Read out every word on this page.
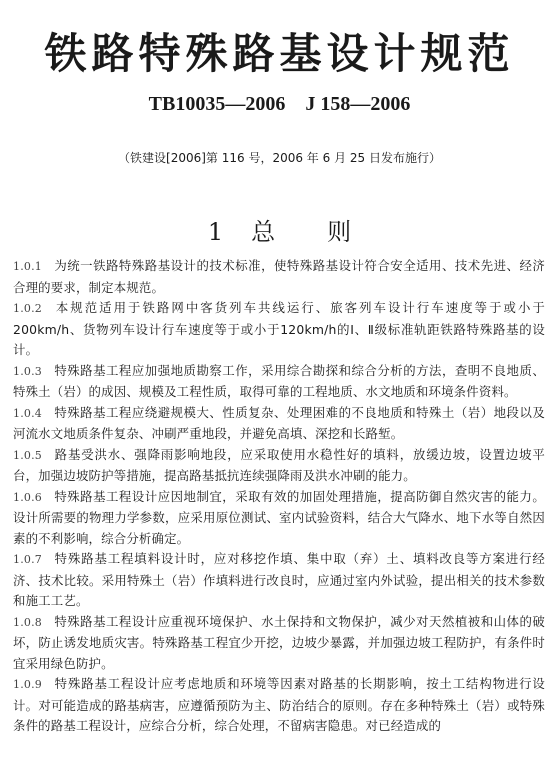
铁路特殊路基设计规范
TB10035—2006    J 158—2006
（铁建设[2006]第 116 号，2006 年 6 月 25 日发布施行）
1 总则
1.0.1 为统一铁路特殊路基设计的技术标准，使特殊路基设计符合安全适用、技术先进、经济合理的要求，制定本规范。
1.0.2 本规范适用于铁路网中客货列车共线运行、旅客列车设计行车速度等于或小于200km/h、货物列车设计行车速度等于或小于120km/h的Ⅰ、Ⅱ级标准轨距铁路特殊路基的设计。
1.0.3 特殊路基工程应加强地质勘察工作，采用综合勘探和综合分析的方法，查明不良地质、特殊土（岩）的成因、规模及工程性质，取得可靠的工程地质、水文地质和环境条件资料。
1.0.4 特殊路基工程应绕避规模大、性质复杂、处理困难的不良地质和特殊土（岩）地段以及河流水文地质条件复杂、冲刷严重地段，并避免高填、深挖和长路堑。
1.0.5 路基受洪水、强降雨影响地段，应采取使用水稳性好的填料，放缓边坡，设置边坡平台，加强边坡防护等措施，提高路基抵抗连续强降雨及洪水冲刷的能力。
1.0.6 特殊路基工程设计应因地制宜，采取有效的加固处理措施，提高防御自然灾害的能力。设计所需要的物理力学参数，应采用原位测试、室内试验资料，结合大气降水、地下水等自然因素的不利影响，综合分析确定。
1.0.7 特殊路基工程填料设计时，应对移挖作填、集中取（弃）土、填料改良等方案进行经济、技术比较。采用特殊土（岩）作填料进行改良时，应通过室内外试验，提出相关的技术参数和施工工艺。
1.0.8 特殊路基工程设计应重视环境保护、水土保持和文物保护，减少对天然植被和山体的破坏，防止诱发地质灾害。特殊路基工程宜少开挖，边坡少暴露，并加强边坡工程防护，有条件时宜采用绿色防护。
1.0.9 特殊路基工程设计应考虑地质和环境等因素对路基的长期影响，按土工结构物进行设计。对可能造成的路基病害，应遵循预防为主、防治结合的原则。存在多种特殊土（岩）或特殊条件的路基工程设计，应综合分析，综合处理，不留病害隐患。对已经造成的
